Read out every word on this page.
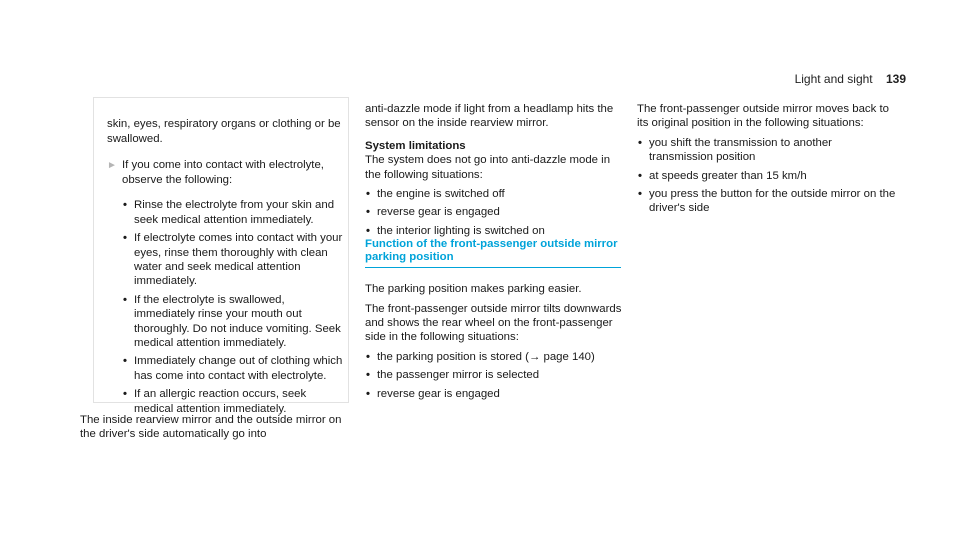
Light and sight 139

skin, eyes, respiratory organs or clothing or be swallowed.

► If you come into contact with electrolyte, observe the following:

• Rinse the electrolyte from your skin and seek medical attention immediately.
• If electrolyte comes into contact with your eyes, rinse them thoroughly with clean water and seek medical attention immediately.
• If the electrolyte is swallowed, immediately rinse your mouth out thoroughly. Do not induce vomiting. Seek medical attention immediately.
• Immediately change out of clothing which has come into contact with electrolyte.
• If an allergic reaction occurs, seek medical attention immediately.

The inside rearview mirror and the outside mirror on the driver's side automatically go into

anti-dazzle mode if light from a headlamp hits the sensor on the inside rearview mirror.

System limitations

The system does not go into anti-dazzle mode in the following situations:

• the engine is switched off
• reverse gear is engaged
• the interior lighting is switched on

Function of the front-passenger outside mirror parking position

The parking position makes parking easier.

The front-passenger outside mirror tilts downwards and shows the rear wheel on the front-passenger side in the following situations:

• the parking position is stored (→ page 140)
• the passenger mirror is selected
• reverse gear is engaged

The front-passenger outside mirror moves back to its original position in the following situations:

• you shift the transmission to another transmission position
• at speeds greater than 15 km/h
• you press the button for the outside mirror on the driver's side
